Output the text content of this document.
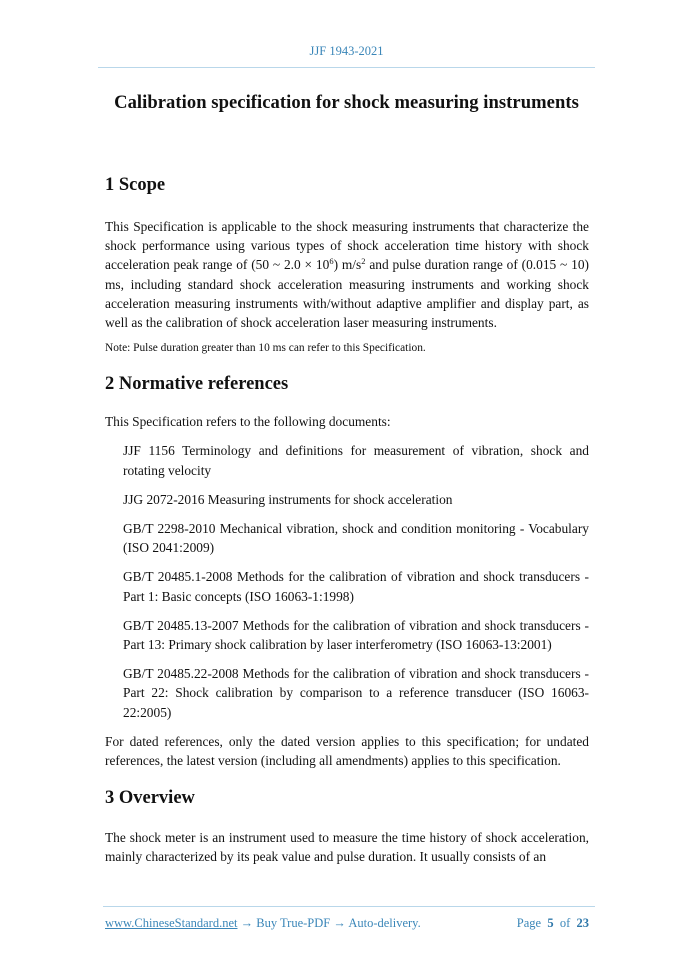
JJF 1943-2021
Calibration specification for shock measuring instruments
1 Scope

This Specification is applicable to the shock measuring instruments that characterize the shock performance using various types of shock acceleration time history with shock acceleration peak range of (50 ~ $2.0 \times 10^6$) $m/s^2$ and pulse duration range of (0.015 ~ 10) ms, including standard shock acceleration measuring instruments and working shock acceleration measuring instruments with/without adaptive amplifier and display part, as well as the calibration of shock acceleration laser measuring instruments.

Note: Pulse duration greater than 10 ms can refer to this Specification.

2 Normative references

This Specification refers to the following documents:

JJF 1156 Terminology and definitions for measurement of vibration, shock and rotating velocity
JJG 2072-2016 Measuring instruments for shock acceleration
GB/T 2298-2010 Mechanical vibration, shock and condition monitoring - Vocabulary (ISO 2041:2009)
GB/T 20485.1-2008 Methods for the calibration of vibration and shock transducers - Part 1: Basic concepts (ISO 16063-1:1998)
GB/T 20485.13-2007 Methods for the calibration of vibration and shock transducers - Part 13: Primary shock calibration by laser interferometry (ISO 16063-13:2001)
GB/T 20485.22-2008 Methods for the calibration of vibration and shock transducers - Part 22: Shock calibration by comparison to a reference transducer (ISO 16063-22:2005)

For dated references, only the dated version applies to this specification; for undated references, the latest version (including all amendments) applies to this specification.

3 Overview

The shock meter is an instrument used to measure the time history of shock acceleration, mainly characterized by its peak value and pulse duration. It usually consists of an

www.ChineseStandard.net → Buy True-PDF → Auto-delivery.	Page 5 of 23
